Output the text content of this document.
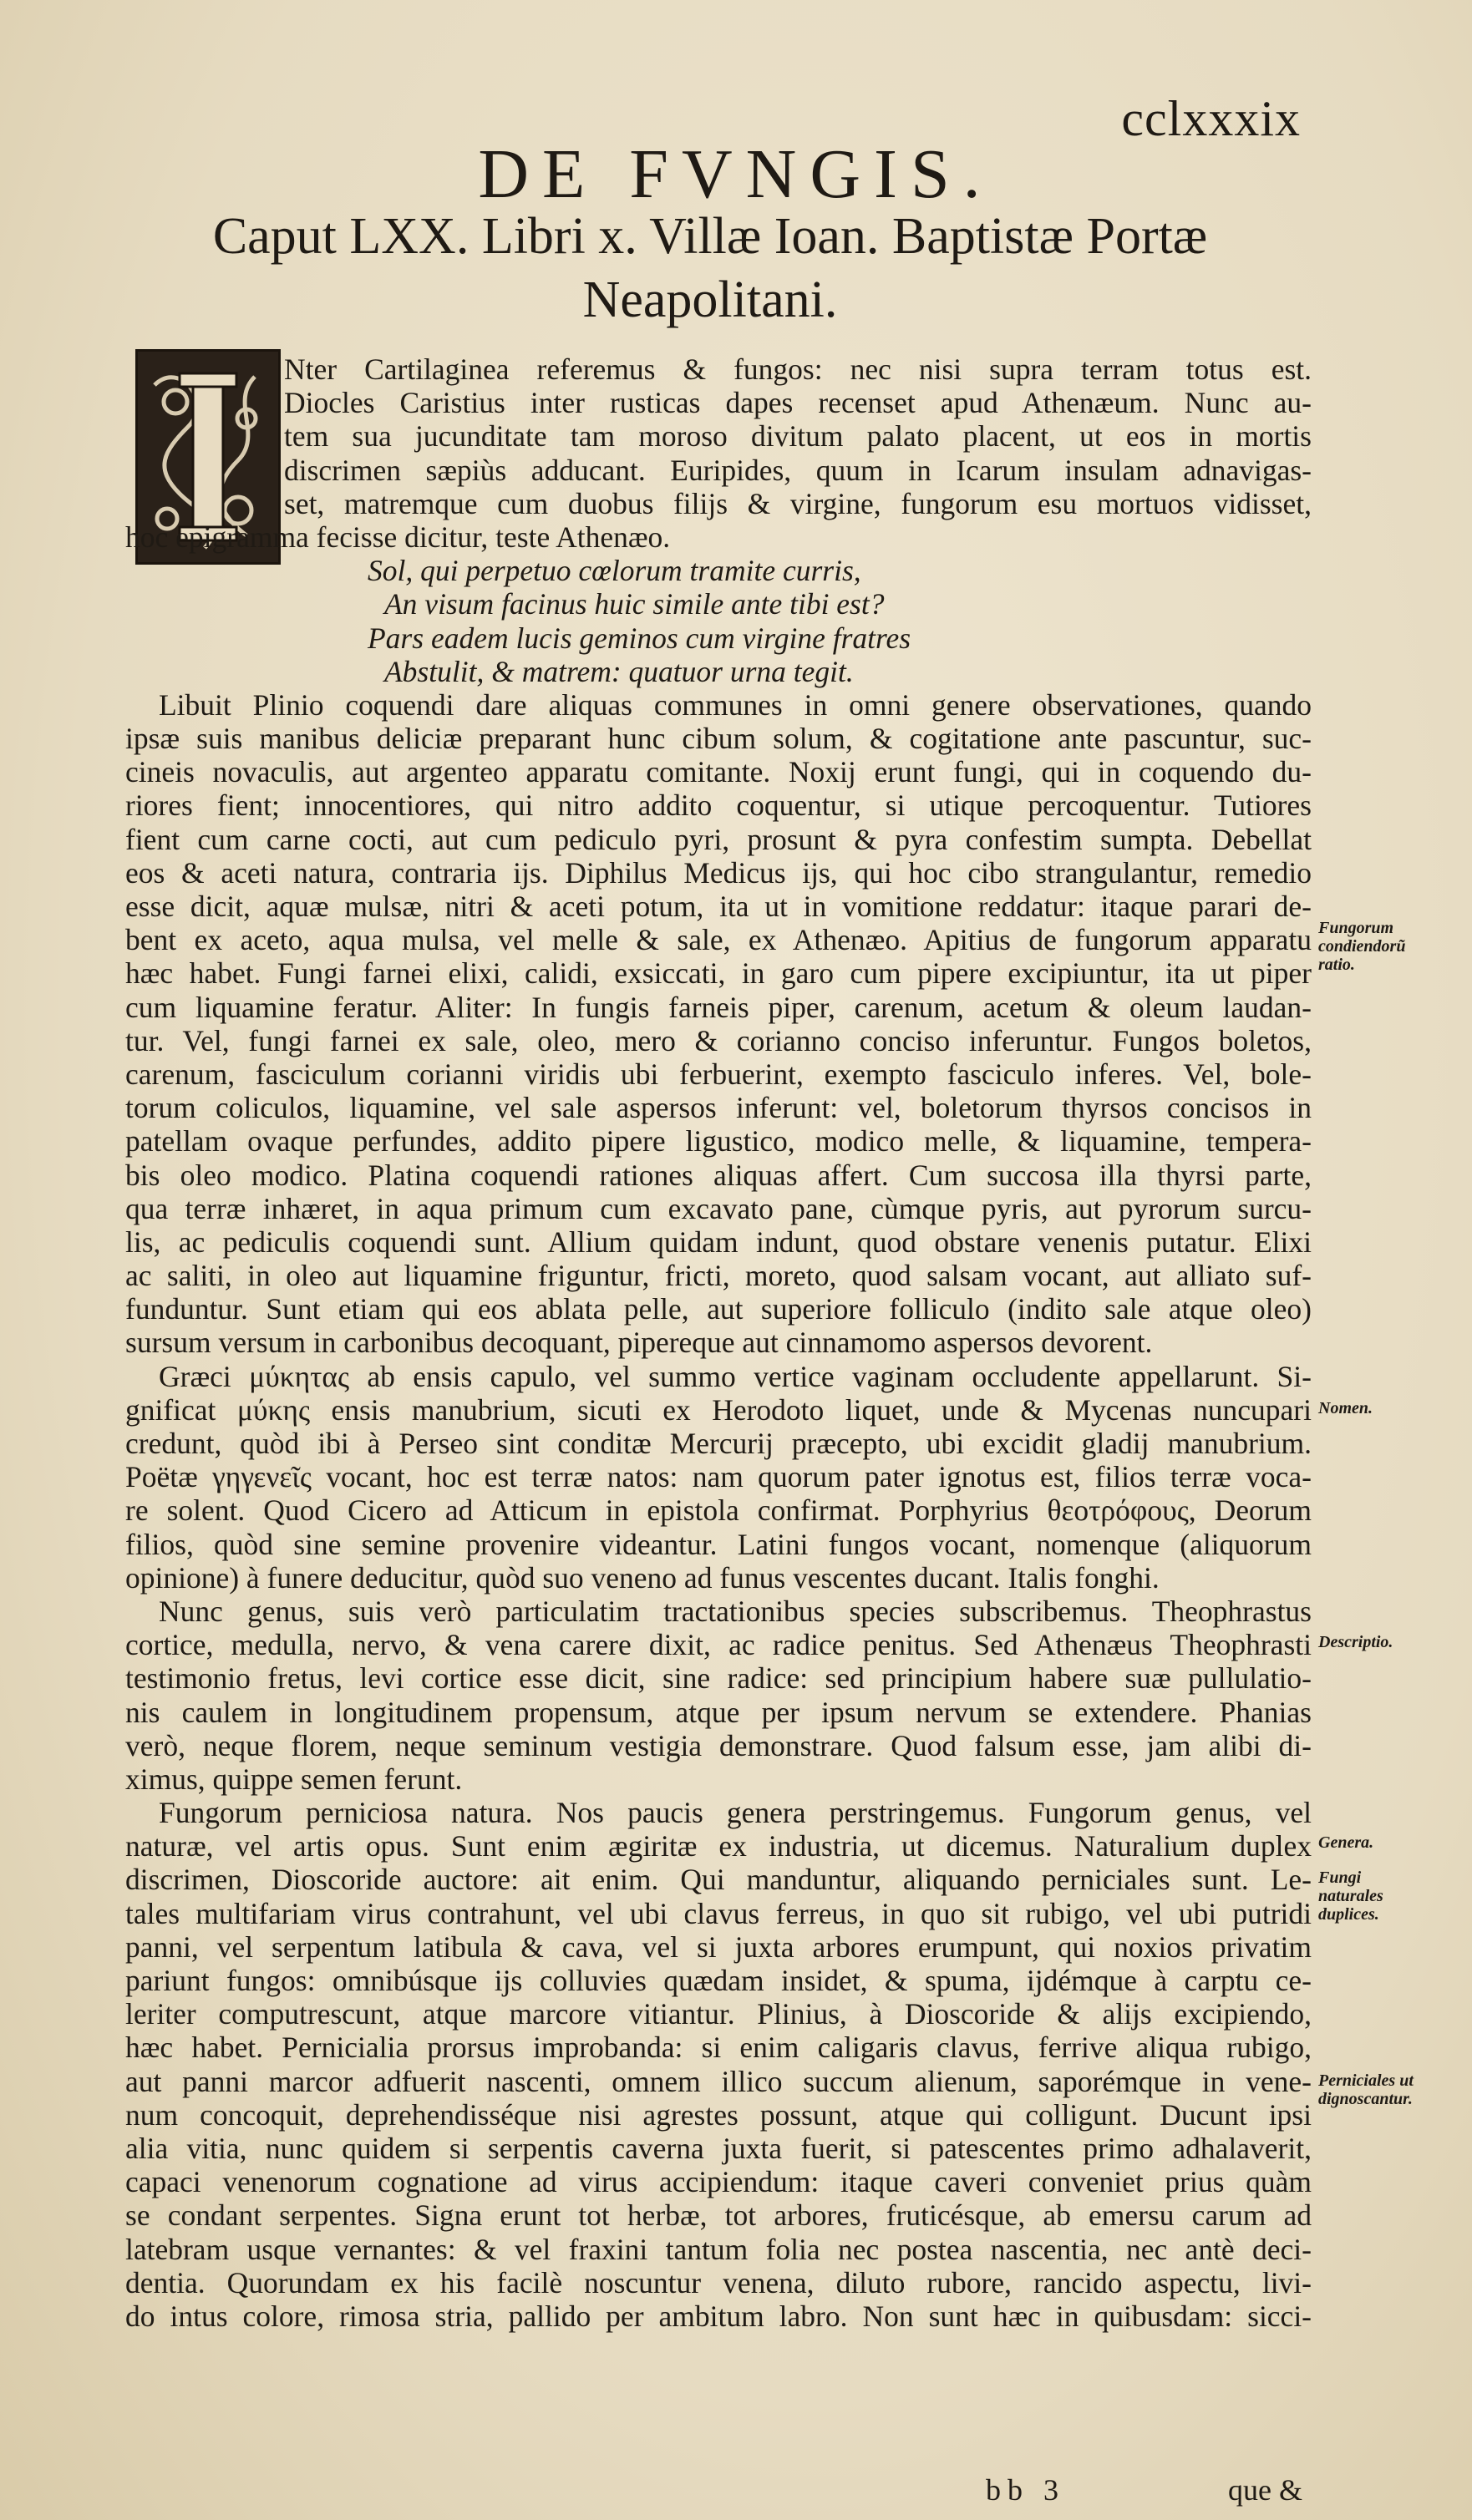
cclxxxix
DE FVNGIS.
Caput LXX. Libri x. Villæ Ioan. Baptistæ Portæ
Neapolitani.
Nter Cartilaginea referemus & fungos: nec nisi supra terram totus est.
Diocles Caristius inter rusticas dapes recenset apud Athenæum. Nunc au-
tem sua jucunditate tam moroso divitum palato placent, ut eos in mortis
discrimen sæpiùs adducant. Euripides, quum in Icarum insulam adnavigas-
set, matremque cum duobus filijs & virgine, fungorum esu mortuos vidisset,
hoc epigramma fecisse dicitur, teste Athenæo.
Sol, qui perpetuo cœlorum tramite curris,
An visum facinus huic simile ante tibi est?
Pars eadem lucis geminos cum virgine fratres
Abstulit, & matrem: quatuor urna tegit.
Libuit Plinio coquendi dare aliquas communes in omni genere observationes, quando
ipsæ suis manibus deliciæ preparant hunc cibum solum, & cogitatione ante pascuntur, suc-
cineis novaculis, aut argenteo apparatu comitante. Noxij erunt fungi, qui in coquendo du-
riores fient; innocentiores, qui nitro addito coquentur, si utique percoquentur. Tutiores
fient cum carne cocti, aut cum pediculo pyri, prosunt & pyra confestim sumpta. Debellat
eos & aceti natura, contraria ijs. Diphilus Medicus ijs, qui hoc cibo strangulantur, remedio
esse dicit, aquæ mulsæ, nitri & aceti potum, ita ut in vomitione reddatur: itaque parari de-
bent ex aceto, aqua mulsa, vel melle & sale, ex Athenæo. Apitius de fungorum apparatu
hæc habet. Fungi farnei elixi, calidi, exsiccati, in garo cum pipere excipiuntur, ita ut piper
cum liquamine feratur. Aliter: In fungis farneis piper, carenum, acetum & oleum laudan-
tur. Vel, fungi farnei ex sale, oleo, mero & corianno conciso inferuntur. Fungos boletos,
carenum, fasciculum corianni viridis ubi ferbuerint, exempto fasciculo inferes. Vel, bole-
torum coliculos, liquamine, vel sale aspersos inferunt: vel, boletorum thyrsos concisos in
patellam ovaque perfundes, addito pipere ligustico, modico melle, & liquamine, tempera-
bis oleo modico. Platina coquendi rationes aliquas affert. Cum succosa illa thyrsi parte,
qua terræ inhæret, in aqua primum cum excavato pane, cùmque pyris, aut pyrorum surcu-
lis, ac pediculis coquendi sunt. Allium quidam indunt, quod obstare venenis putatur. Elixi
ac saliti, in oleo aut liquamine friguntur, fricti, moreto, quod salsam vocant, aut alliato suf-
funduntur. Sunt etiam qui eos ablata pelle, aut superiore folliculo (indito sale atque oleo)
sursum versum in carbonibus decoquant, pipereque aut cinnamomo aspersos devorent.
Græci μύκητας ab ensis capulo, vel summo vertice vaginam occludente appellarunt. Si-
gnificat μύκης ensis manubrium, sicuti ex Herodoto liquet, unde & Mycenas nuncupari
credunt, quòd ibi à Perseo sint conditæ Mercurij præcepto, ubi excidit gladij manubrium.
Poëtæ γηγενεῖς vocant, hoc est terræ natos: nam quorum pater ignotus est, filios terræ voca-
re solent. Quod Cicero ad Atticum in epistola confirmat. Porphyrius θεοτρόφους, Deorum
filios, quòd sine semine provenire videantur. Latini fungos vocant, nomenque (aliquorum
opinione) à funere deducitur, quòd suo veneno ad funus vescentes ducant. Italis fonghi.
Nunc genus, suis verò particulatim tractationibus species subscribemus. Theophrastus
cortice, medulla, nervo, & vena carere dixit, ac radice penitus. Sed Athenæus Theophrasti
testimonio fretus, levi cortice esse dicit, sine radice: sed principium habere suæ pullulatio-
nis caulem in longitudinem propensum, atque per ipsum nervum se extendere. Phanias
verò, neque florem, neque seminum vestigia demonstrare. Quod falsum esse, jam alibi di-
ximus, quippe semen ferunt.
Fungorum perniciosa natura. Nos paucis genera perstringemus. Fungorum genus, vel
naturæ, vel artis opus. Sunt enim ægiritæ ex industria, ut dicemus. Naturalium duplex
discrimen, Dioscoride auctore: ait enim. Qui manduntur, aliquando perniciales sunt. Le-
tales multifariam virus contrahunt, vel ubi clavus ferreus, in quo sit rubigo, vel ubi putridi
panni, vel serpentum latibula & cava, vel si juxta arbores erumpunt, qui noxios privatim
pariunt fungos: omnibúsque ijs colluvies quædam insidet, & spuma, ijdémque à carptu ce-
leriter computrescunt, atque marcore vitiantur. Plinius, à Dioscoride & alijs excipiendo,
hæc habet. Pernicialia prorsus improbanda: si enim caligaris clavus, ferrive aliqua rubigo,
aut panni marcor adfuerit nascenti, omnem illico succum alienum, saporémque in vene-
num concoquit, deprehendisséque nisi agrestes possunt, atque qui colligunt. Ducunt ipsi
alia vitia, nunc quidem si serpentis caverna juxta fuerit, si patescentes primo adhalaverit,
capaci venenorum cognatione ad virus accipiendum: itaque caveri conveniet prius quàm
se condant serpentes. Signa erunt tot herbæ, tot arbores, fruticésque, ab emersu carum ad
latebram usque vernantes: & vel fraxini tantum folia nec postea nascentia, nec antè deci-
dentia. Quorundam ex his facilè noscuntur venena, diluto rubore, rancido aspectu, livi-
do intus colore, rimosa stria, pallido per ambitum labro. Non sunt hæc in quibusdam: sicci-
Fungorum condiendorũ ratio.
Nomen.
Descriptio.
Genera.
Fungi naturales duplices.
Perniciales ut dignoscantur.
bb 3	que &
